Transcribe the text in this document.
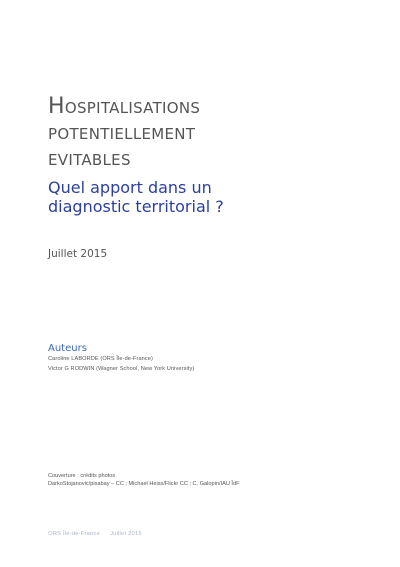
Hospitalisations
potentiellement
evitables
Quel apport dans un
diagnostic territorial ?
Juillet 2015
Auteurs
Caroline LABORDE (ORS Île-de-France)
Victor G RODWIN (Wagner School, New York University)
Couverture : crédits photos
DarkoStojanovic/pixabay – CC ; Michael Heiss/Flickr CC ; C. Galopin/IAU ÎdF
ORS Île-de-France Juillet 2015
